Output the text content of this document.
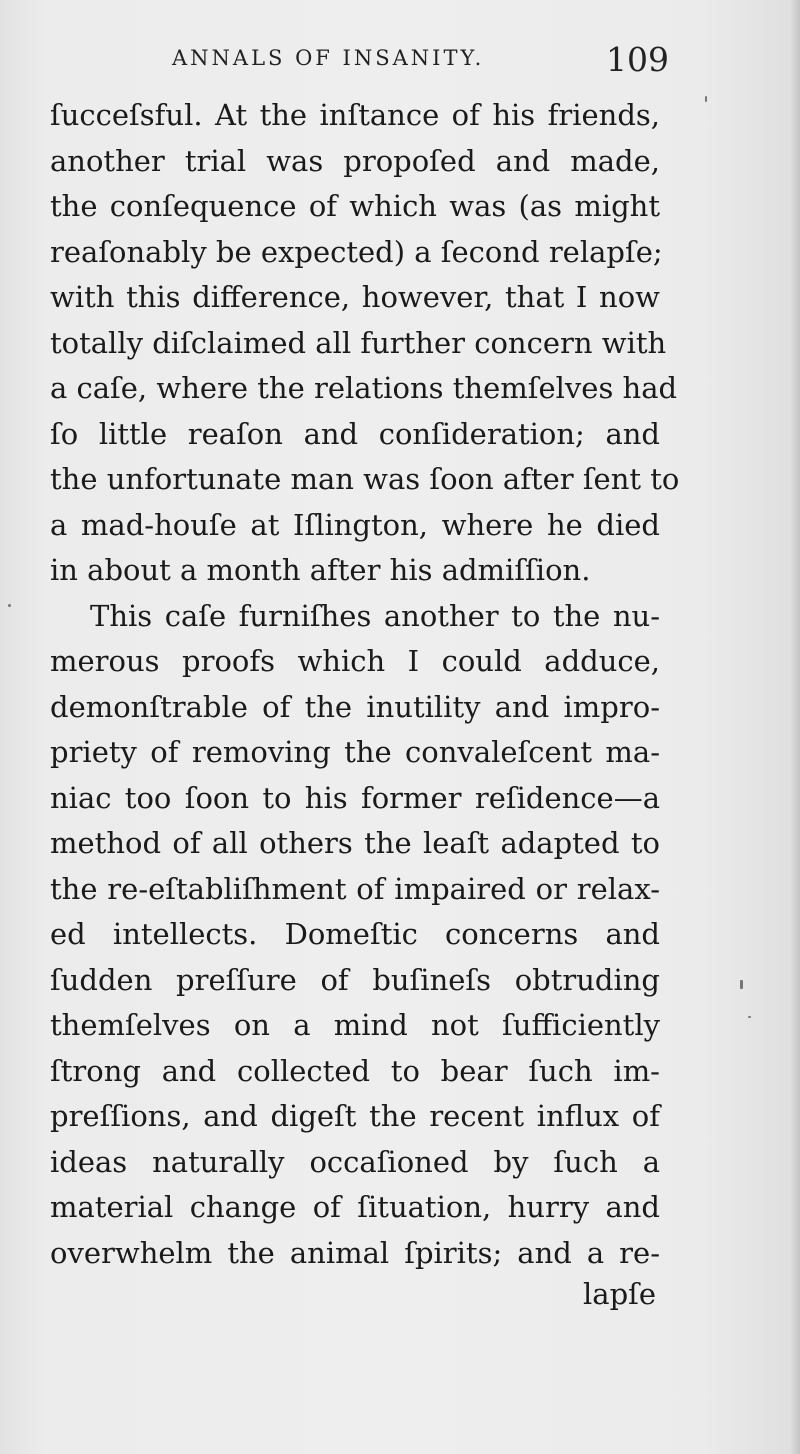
ANNALS OF INSANITY.	109
ſucceſsful. At the inſtance of his friends,
another trial was propoſed and made,
the conſequence of which was (as might
reaſonably be expected) a ſecond relapſe;
with this difference, however, that I now
totally diſclaimed all further concern with
a caſe, where the relations themſelves had
ſo little reaſon and conſideration; and
the unfortunate man was ſoon after ſent to
a mad-houſe at Iſlington, where he died
in about a month after his admiſſion.
This caſe furniſhes another to the nu-
merous proofs which I could adduce,
demonſtrable of the inutility and impro-
priety of removing the convaleſcent ma-
niac too ſoon to his former reſidence—a
method of all others the leaſt adapted to
the re-eſtabliſhment of impaired or relax-
ed intellects. Domeſtic concerns and
ſudden preſſure of buſineſs obtruding
themſelves on a mind not ſufficiently
ſtrong and collected to bear ſuch im-
preſſions, and digeſt the recent influx of
ideas naturally occaſioned by ſuch a
material change of ſituation, hurry and
overwhelm the animal ſpirits; and a re-
lapſe
